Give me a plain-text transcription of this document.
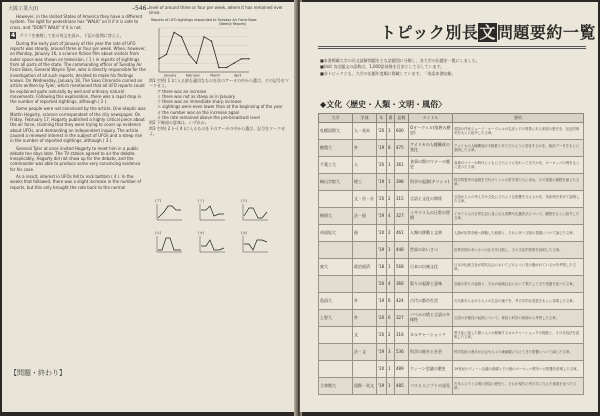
大阪工業大(Ⅰ)	–546–

However, in the United States of America they have a different system. The light for pedestrians has "WALK" on it if it is safe to cross, and "DON'T WALK" if it is not.

4 グラフを参照して次の英文を読み、下記の設問に答えよ。

During the early part of January of this year the rate of UFO reports was steady, around three or four per week. When, however, on Monday, January 16, a science fiction film about visitors from outer space was shown on television, ( 1 ) in reports of sightings from all parts of the state. The commanding officer of Tuesday Air Force Base, General Wayne Tyler, who is directly responsible for the investigation of all such reports, decided to make his findings known. On Wednesday, January 18, The Saxo Chronicle carried an article written by Tyler, which mentioned that all UFO reports could be explained quite naturally by well and ordinary natural movements. Following this explanation, there was a rapid drop in the number of reported sightings, although ( 2 ).

Some people were not convinced by the article. One skeptic was Martin Hogarty, science correspondent of the city newspaper. On Friday, February 17, Hogarty published a highly critical piece about the air force, claiming that they were trying to cover up evidence about UFOs, and demanding an independent inquiry. The article caused a renewed interest in the subject of UFOs and a steep rise in the number of reported sightings, although ( 3 ).

General Tyler at once invited Hogarty to meet him in a public debate ten days later. The TV station agreed to air the debate. Inexplicably, Hogarty did not show up for the debate, and the commander was able to produce some very convincing evidence for his case.

As a result, interest in UFOs fell to rock bottom ( 4 ). In the weeks that followed, there was a slight increase in the number of reports, but this only brought the rate back to the normal

level of around three or four per week, where it has remained ever since.
Reports of UFO sightings responded to Tuesday Air Force Base
(Weekly Reports)
January	February	March	April
問1 空所( 1 )に入る最も適切なものを次のア〜オの中から選び、その記号をマークせよ。
ア there was an increase
イ there was not as steep as in January
ウ there was an immediate sharp increase
エ sightings were even lower than at the beginning of the year
オ the number was on the increase again
カ the rate remained above the pre-broadcast level
問2 下線部の意味は、いずれか。
問3 空所( 2 )〜( 4 )に入るものを下のア〜カの中から選び、記号をマークせよ。
(ア)	(イ)	(ウ)
(エ)	(オ)	(カ)
【問題・終わり】
トピック別長文問題要約一覧
■本書掲載大学の長文読解問題を主な話題別に分類し、各大学の出題を一覧にしました。
■Unit 各出題文の語数は、1,000語前後を目安として示しています。
■各トピックとも、大学の出題年度順に掲載しています。「英語本書収載」
◆文化〈歴史・人類・文明・風俗〉
大学	学部	年	番	語数	タイトル	要約
札幌国際大	人・英米	'20	3	600	Oオーウェル(家族の歴史)	英国の作家ジョージ・オーウェルの生涯とその背景にある家族の歴史を、伝記的事実をもとに紹介した文章。
酪農大	外	'19	8	475	アメリカの人種構成の変化	アメリカの人種構成が今後数十年でどのように変化するかを、統計データをもとに説明した文章。
千葉工大	人	'20	1	361	食事の際のマナーの歴史	食事のマナーが時代とともにどのように変わってきたかを、ヨーロッパの例をもとに述べた文章。
桐山学院大	理工	'19	1	398	科学の起源(ギリシャ)	科学的思考の起源を古代ギリシャの哲学者たちに求め、その発展の過程を論じた文章。
	文・法・社	'20	2	315	言語と文化の関係	言語が人々の考え方や文化にどのような影響を与えるかを、具体例を挙げて説明した文章。
桐朋大	法・経	'19	4	327	イギリス人の日常の習慣	イギリス人の日常生活に見られる習慣や礼儀作法について、観察をもとに紹介した文章。
帝国短大	経	'20	2	461	人類の移動と文明	人類が世界各地へ移動した経緯と、それに伴う文明の発展について論じた文章。
		'19	1	448	世界のあいさつ	世界各国のあいさつの仕方を比較し、その文化的背景を説明した文章。
東大	政治経済	'18	1	568	日本の伝統文化	日本の伝統文化が現代社会においてどのように受け継がれているかを考察した文章。
		'20	4	366	祭りの起源と意味	各地の祭りの起源と、それが地域社会において果たしてきた役割を述べた文章。
島国大	外	'19	6	424	古代の都市生活	古代都市における人々の生活の様子を、考古学的な発見をもとに再現した文章。
上智大	外	'20	6	327	バベルの塔と言語の多様性	言語の多様性の起源について、神話と科学の両面から考察した文章。
	文	'20	2	316	カルチャーショック	異文化に接した際に人々が経験するカルチャーショックの段階と、その対処法を説明した文章。
	法・文	'19	3	536	科学の進歩と社会	科学技術の進歩が社会や人々の価値観に与えてきた影響について論じた文章。
		'20	1	489	ウィーン会議の歴史	19世紀のウィーン会議の経緯とその後のヨーロッパ秩序への影響を説明した文章。
立命館大	国際・英文	'19	1	485	パスとエジプトの発見	古代エジプト文明の発見の歴史と、それが現代の考古学に与えた意義を述べた文章。
